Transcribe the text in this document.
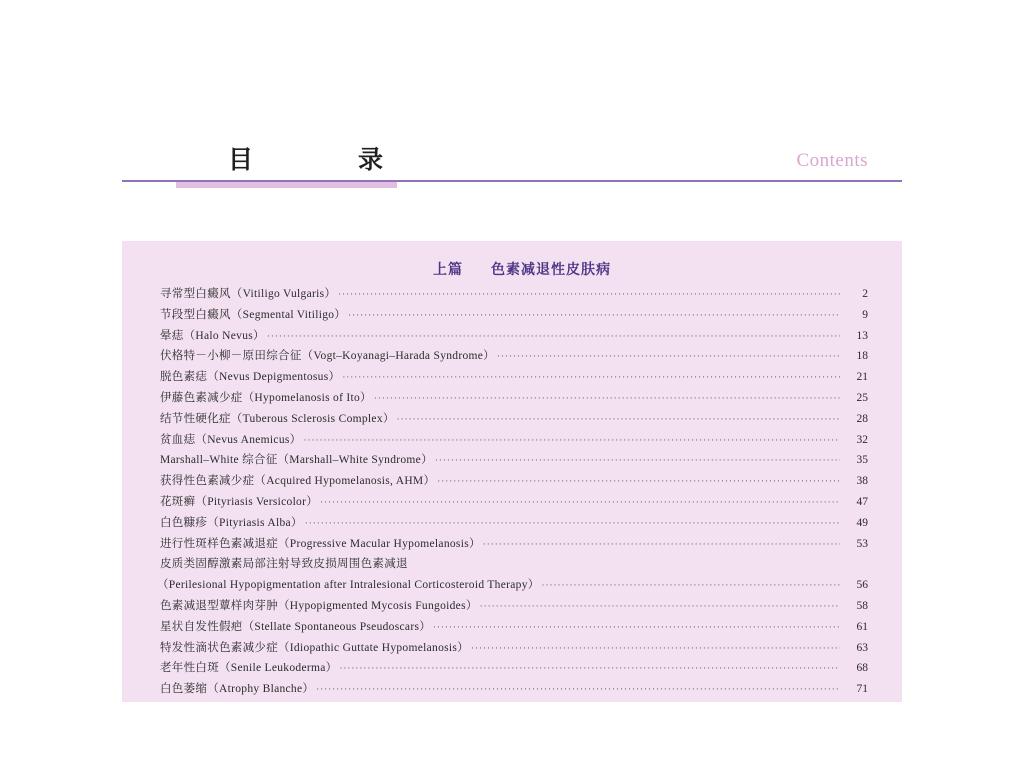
目　录	Contents
上篇 色素减退性皮肤病
寻常型白癜风（Vitiligo Vulgaris） ·····	2
节段型白癜风（Segmental Vitiligo） ·····	9
晕痣（Halo Nevus） ·····	13
伏格特－小柳－原田综合征（Vogt–Koyanagi–Harada Syndrome） ·····	18
脱色素痣（Nevus Depigmentosus） ·····	21
伊藤色素减少症（Hypomelanosis of Ito） ·····	25
结节性硬化症（Tuberous Sclerosis Complex） ·····	28
贫血痣（Nevus Anemicus） ·····	32
Marshall–White 综合征（Marshall–White Syndrome） ·····	35
获得性色素减少症（Acquired Hypomelanosis, AHM） ·····	38
花斑癣（Pityriasis Versicolor） ·····	47
白色糠疹（Pityriasis Alba） ·····	49
进行性斑样色素减退症（Progressive Macular Hypomelanosis） ·····	53
皮质类固醇激素局部注射导致皮损周围色素减退
（Perilesional Hypopigmentation after Intralesional Corticosteroid Therapy） ·····	56
色素减退型蕈样肉芽肿（Hypopigmented Mycosis Fungoides） ·····	58
星状自发性假疤（Stellate Spontaneous Pseudoscars） ·····	61
特发性滴状色素减少症（Idiopathic Guttate Hypomelanosis） ·····	63
老年性白斑（Senile Leukoderma） ·····	68
白色萎缩（Atrophy Blanche） ·····	71
